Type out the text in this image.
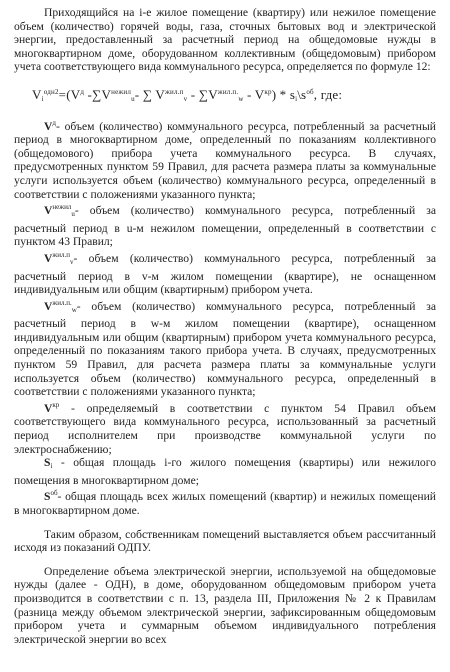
Приходящийся на i-е жилое помещение (квартиру) или нежилое помещение объем (количество) горячей воды, газа, сточных бытовых вод и электрической энергии, предоставленный за расчетный период на общедомовые нужды в многоквартирном доме, оборудованном коллективным (общедомовым) прибором учета соответствующего вида коммунального ресурса, определяется по формуле 12:

$V_i^{одн2}=(V^д$ $-\sum V^{нежил}_u-$ ∑ $V^{жил.п}_v - \sum V^{жил.п.}_w - V^{кр}$) * $s_i\backslash s^{об}$, где:

$V^д-$ объем (количество) коммунального ресурса, потребленный за расчетный период в многоквартирном доме, определенный по показаниям коллективного (общедомового) прибора учета коммунального ресурса. В случаях, предусмотренных пунктом 59 Правил, для расчета размера платы за коммунальные услуги используется объем (количество) коммунального ресурса, определенный в соответствии с положениями указанного пункта;

$V^{нежил}_u-$ объем (количество) коммунального ресурса, потребленный за расчетный период в u-м нежилом помещении, определенный в соответствии с пунктом 43 Правил;

$V^{жил.п}_v-$ объем (количество) коммунального ресурса, потребленный за расчетный период в v-м жилом помещении (квартире), не оснащенном индивидуальным или общим (квартирным) прибором учета.

$V^{жил.п.}_w-$ объем (количество) коммунального ресурса, потребленный за расчетный период в w-м жилом помещении (квартире), оснащенном индивидуальным или общим (квартирным) прибором учета коммунального ресурса, определенный по показаниям такого прибора учета. В случаях, предусмотренных пунктом 59 Правил, для расчета размера платы за коммунальные услуги используется объем (количество) коммунального ресурса, определенный в соответствии с положениями указанного пункта;

$V^{кр}$ - определяемый в соответствии с пунктом 54 Правил объем соответствующего вида коммунального ресурса, использованный за расчетный период исполнителем при производстве коммунальной услуги по электроснабжению;

$S_i$ - общая площадь i-го жилого помещения (квартиры) или нежилого помещения в многоквартирном доме;

$S^{об}-$ общая площадь всех жилых помещений (квартир) и нежилых помещений в многоквартирном доме.

Таким образом, собственникам помещений выставляется объем рассчитанный исходя из показаний ОДПУ.

Определение объема электрической энергии, используемой на общедомовые нужды (далее - ОДН), в доме, оборудованном общедомовым прибором учета производится в соответствии с п. 13, раздела III, Приложения № 2 к Правилам (разница между объемом электрической энергии, зафиксированным общедомовым прибором учета и суммарным объемом индивидуального потребления электрической энергии во всех
